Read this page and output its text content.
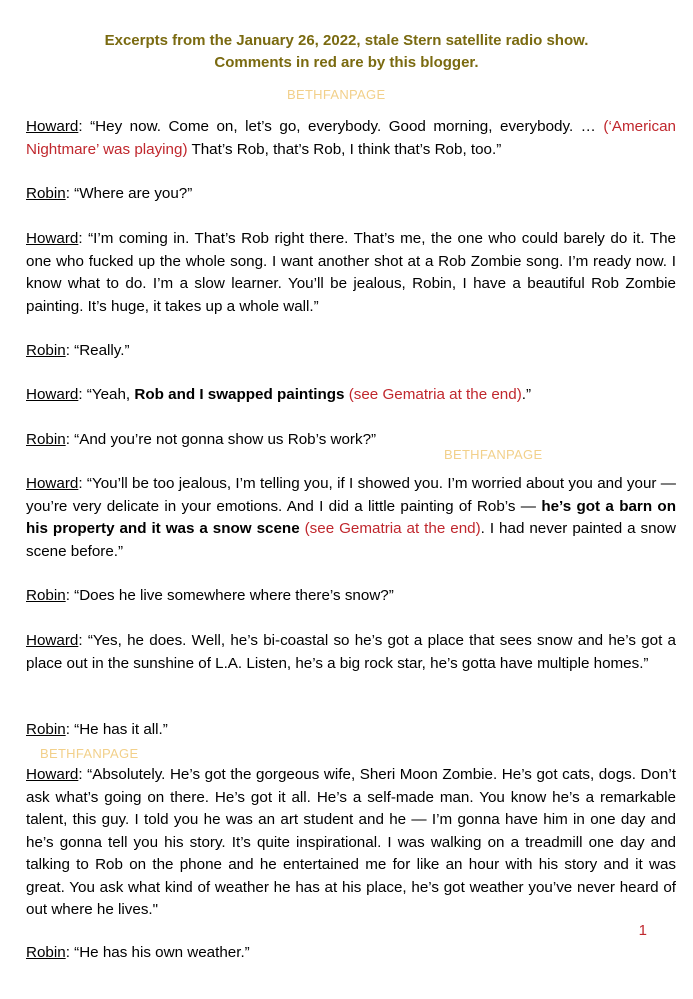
Excerpts from the January 26, 2022, stale Stern satellite radio show.
Comments in red are by this blogger.
BETHFANPAGE
BETHFANPAGE
BETHFANPAGE
Howard: “Hey now. Come on, let’s go, everybody. Good morning, everybody. … (‘American Nightmare’ was playing) That’s Rob, that’s Rob, I think that’s Rob, too.”
Robin: “Where are you?”
Howard: “I’m coming in. That’s Rob right there. That’s me, the one who could barely do it. The one who fucked up the whole song. I want another shot at a Rob Zombie song. I’m ready now. I know what to do. I’m a slow learner. You’ll be jealous, Robin, I have a beautiful Rob Zombie painting. It’s huge, it takes up a whole wall.”
Robin: “Really.”
Howard: “Yeah, Rob and I swapped paintings (see Gematria at the end).”
Robin: “And you’re not gonna show us Rob’s work?”
Howard: “You’ll be too jealous, I’m telling you, if I showed you. I’m worried about you and your — you’re very delicate in your emotions. And I did a little painting of Rob’s — he’s got a barn on his property and it was a snow scene (see Gematria at the end). I had never painted a snow scene before.”
Robin: “Does he live somewhere where there’s snow?”
Howard: “Yes, he does. Well, he’s bi-coastal so he’s got a place that sees snow and he’s got a place out in the sunshine of L.A. Listen, he’s a big rock star, he’s gotta have multiple homes.”
Robin: “He has it all.”
Howard: “Absolutely. He’s got the gorgeous wife, Sheri Moon Zombie. He’s got cats, dogs. Don’t ask what’s going on there. He’s got it all. He’s a self-made man. You know he’s a remarkable talent, this guy. I told you he was an art student and he — I’m gonna have him in one day and he’s gonna tell you his story. It’s quite inspirational. I was walking on a treadmill one day and talking to Rob on the phone and he entertained me for like an hour with his story and it was great. You ask what kind of weather he has at his place, he’s got weather you’ve never heard of out where he lives."
1
Robin: “He has his own weather.”
